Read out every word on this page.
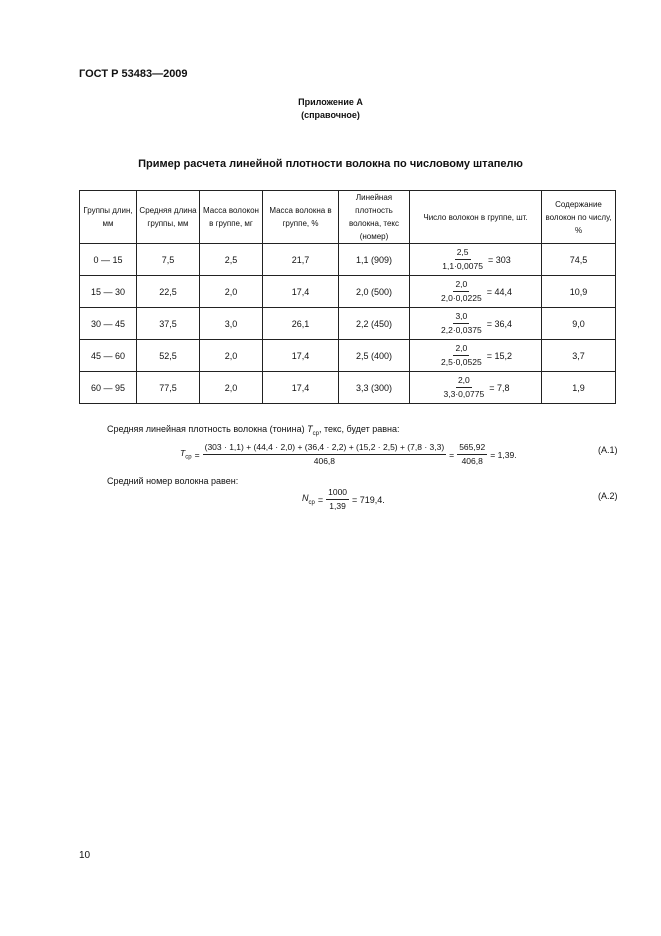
ГОСТ Р 53483—2009
Приложение А
(справочное)
Пример расчета линейной плотности волокна по числовому штапелю
Группы длин, мм	Средняя длина группы, мм	Масса волокон в группе, мг	Масса волокна в группе, %	Линейная плотность волокна, текс (номер)	Число волокон в группе, шт.	Содержание волокон по числу, %
0 — 15	7,5	2,5	21,7	1,1 (909)	$\frac{2,5}{1,1\cdot 0,0075} = 303$	74,5
15 — 30	22,5	2,0	17,4	2,0 (500)	$\frac{2,0}{2,0\cdot 0,0225} = 44,4$	10,9
30 — 45	37,5	3,0	26,1	2,2 (450)	$\frac{3,0}{2,2\cdot 0,0375} = 36,4$	9,0
45 — 60	52,5	2,0	17,4	2,5 (400)	$\frac{2,0}{2,5\cdot 0,0525} = 15,2$	3,7
60 — 95	77,5	2,0	17,4	3,3 (300)	$\frac{2,0}{3,3\cdot 0,0775} = 7,8$	1,9
Средняя линейная плотность волокна (тонина) $T_{ср}$, текс, будет равна:
$T_{ср}$ =
(303 · 1,1) + (44,4 · 2,0) + (36,4 · 2,2) + (15,2 · 2,5) + (7,8 · 3,3)
406,8
= $\frac{565,92}{406,8} = 1,39$.	(А.1)
Средний номер волокна равен:
$N_{ср} = \frac{1000}{1,39} = 719,4$.	(А.2)
10
